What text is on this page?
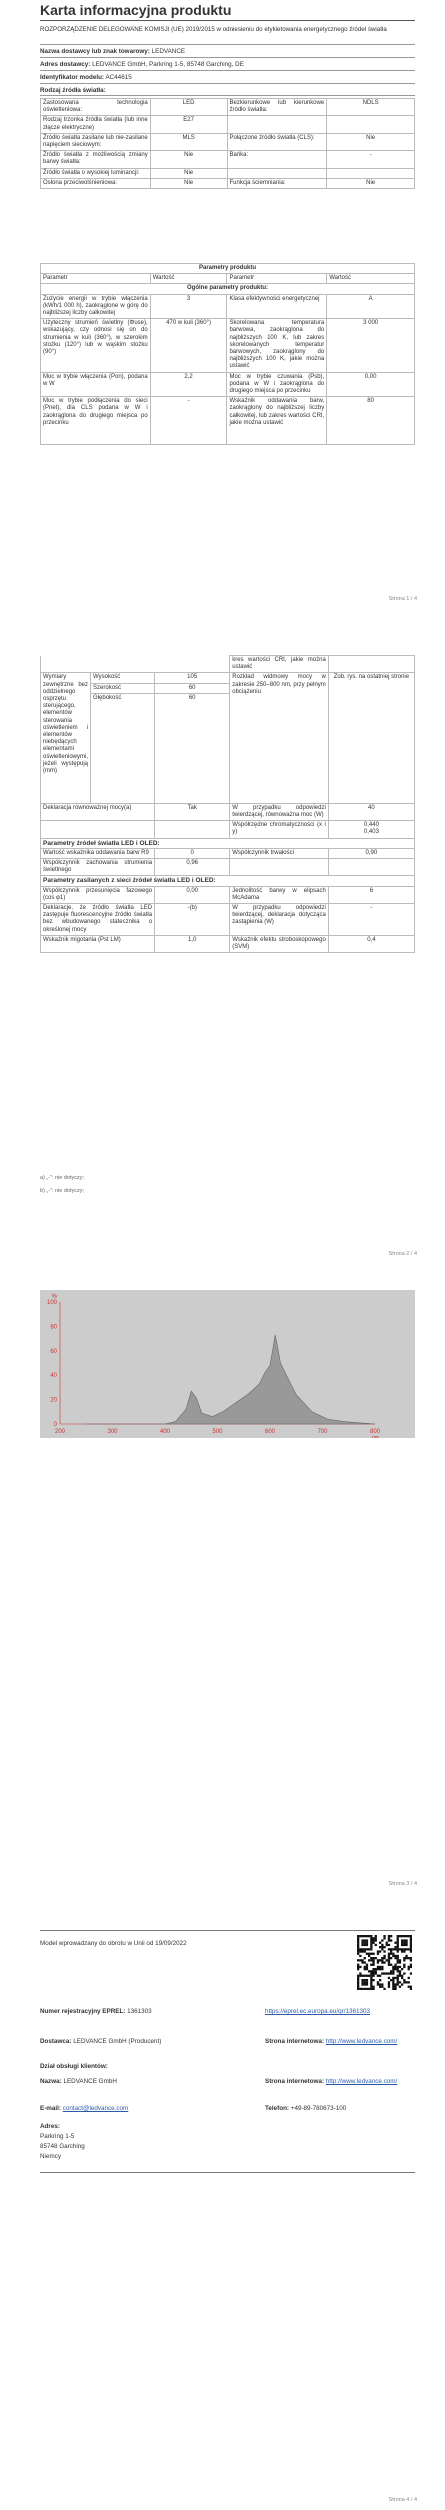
Karta informacyjna produktu
ROZPORZĄDZENIE DELEGOWANE KOMISJI (UE) 2019/2015 w odniesieniu do etykietowania energetycznego źródeł światła
Nazwa dostawcy lub znak towarowy: LEDVANCE
Adres dostawcy: LEDVANCE GmbH, Parkring 1-5, 85748 Garching, DE
Identyfikator modelu: AC44615
Rodzaj źródła światła:
Zastosowana technologia oświetleniowa:	LED	Bezkierunkowe lub kierunkowe źródło światła:	NDLS
Rodzaj trzonka źródła światła (lub inne złącze elektryczne)	E27		
Źródło światła zasilane lub nie-zasilane napięciem sieciowym:	MLS	Połączone źródło światła (CLS):	Nie
Źródło światła z możliwością zmiany barwy światła:	Nie	Bańka:	-
Źródło światła o wysokiej luminancji:	Nie		
Osłona przeciwolśnieniowa:	Nie	Funkcja ściemniania:	Nie
Parametry produktu			
Parametr	Wartość	Parametr	Wartość
Ogólne parametry produktu:			
Zużycie energii w trybie włączenia (kWh/1 000 h), zaokrąglone w górę do najbliższej liczby całkowitej	3	Klasa efektywności energetycznej	A
Użyteczny strumień świetlny (Φuse), wskazujący, czy odnosi się on do strumienia w kuli (360°), w szerokim stożku (120°) lub w wąskim stożku (90°)	470 w kuli (360°)	Skorelowana temperatura barwowa, zaokrąglona do najbliższych 100 K, lub zakres skorelowanych temperatur barwowych, zaokrąglony do najbliższych 100 K, jakie można ustawić	3 000
Moc w trybie włączenia (Pon), podana w W	2,2	Moc w trybie czuwania (Psb), podana w W i zaokrąglona do drugiego miejsca po przecinku	0,00
Moc w trybie podłączenia do sieci (Pnet), dla CLS podana w W i zaokrąglona do drugiego miejsca po przecinku	-	Wskaźnik oddawania barw, zaokrąglony do najbliższej liczby całkowitej, lub zakres wartości CRI, jakie można ustawić	80
Strona 1 / 4
			kres wartości CRI, jakie można ustawić	
Wymiary zewnętrzne bez oddzielnego osprzętu sterującego, elementów sterowania oświetleniem i elementów niebędących elementami oświetleniowymi, jeżeli występują (mm)	Wysokość	105	Rozkład widmowy mocy w zakresie 250–800 nm, przy pełnym obciążeniu	Zob. rys. na ostatniej stronie
	Szerokość	60		
	Głębokość	60		
Deklaracja równoważnej mocy(a)		Tak	W przypadku odpowiedzi twierdzącej, równoważna moc (W)	40
			Współrzędne chromatyczności (x i y)	0,440
0,403
Parametry źródeł światła LED i OLED:				
Wartość wskaźnika oddawania barw R9		0	Współczynnik trwałości	0,90
Współczynnik zachowania strumienia świetlnego		0,96		
Parametry zasilanych z sieci źródeł światła LED i OLED:				
Współczynnik przesunięcia fazowego (cos φ1)		0,00	Jednolitość barwy w elipsach McAdama	6
Deklaracje, że źródło światła LED zastępuje fluorescencyjne źródło światła bez wbudowanego statecznika o określonej mocy		-(b)	W przypadku odpowiedzi twierdzącej, deklaracja dotycząca zastąpienia (W)	-
Wskaźnik migotania (Pst LM)		1,0	Wskaźnik efektu stroboskopowego (SVM)	0,4
a) „-”: nie dotyczy;
b) „-”: nie dotyczy;
Strona 2 / 4
200	300	400	500	600	700	800
0
20
40
60
80
100
%
nm
Strona 3 / 4
Model wprowadzany do obrotu w Unii od 19/09/2022
Numer rejestracyjny EPREL: 1361303	https://eprel.ec.europa.eu/qr/1361303
Dostawca: LEDVANCE GmbH (Producent)	Strona internetowa: http://www.ledvance.com/
Dział obsługi klientów:
Nazwa: LEDVANCE GmbH	Strona internetowa: http://www.ledvance.com/
E-mail: contact@ledvance.com	Telefon: +49-89-780673-100
Adres:
Parkring 1-5
85748 Garching
Niemcy
Strona 4 / 4
